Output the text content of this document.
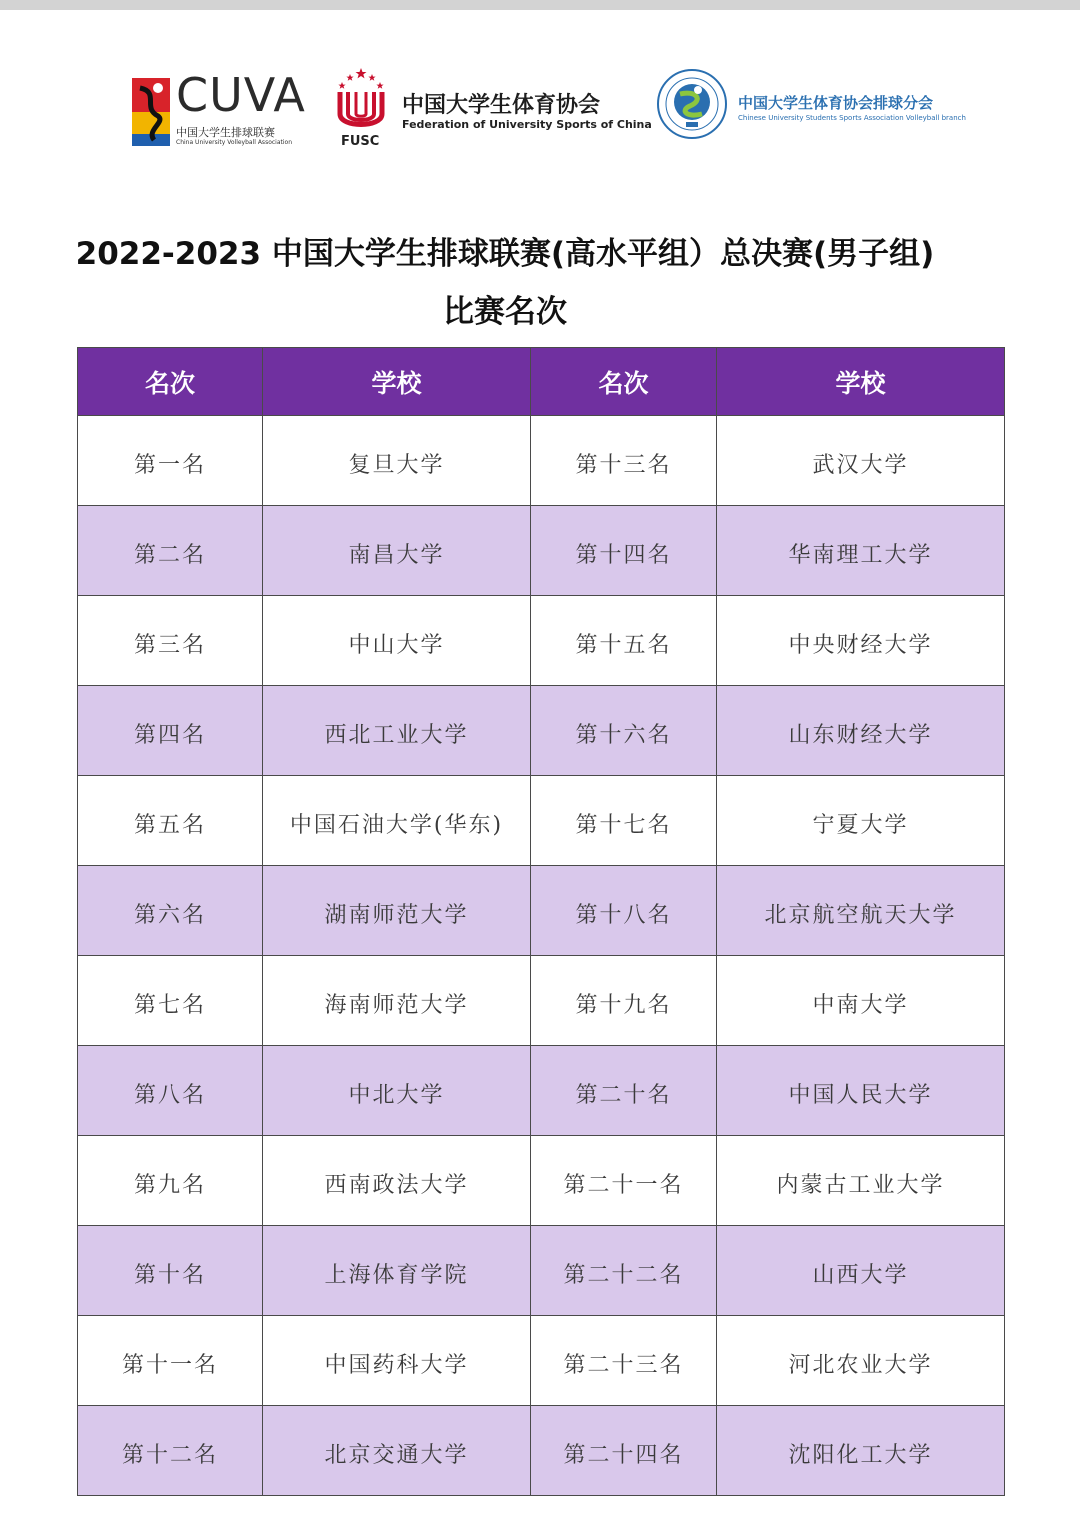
CUVA
中国大学生排球联赛
China University Volleyball Association	FUSC
中国大学生体育协会
Federation of University Sports of China
中国大学生体育协会排球分会
Chinese University Students Sports Association Volleyball branch
2022-2023 中国大学生排球联赛(高水平组）总决赛(男子组)
比赛名次
名次	学校	名次	学校
第一名	复旦大学	第十三名	武汉大学
第二名	南昌大学	第十四名	华南理工大学
第三名	中山大学	第十五名	中央财经大学
第四名	西北工业大学	第十六名	山东财经大学
第五名	中国石油大学(华东)	第十七名	宁夏大学
第六名	湖南师范大学	第十八名	北京航空航天大学
第七名	海南师范大学	第十九名	中南大学
第八名	中北大学	第二十名	中国人民大学
第九名	西南政法大学	第二十一名	内蒙古工业大学
第十名	上海体育学院	第二十二名	山西大学
第十一名	中国药科大学	第二十三名	河北农业大学
第十二名	北京交通大学	第二十四名	沈阳化工大学
